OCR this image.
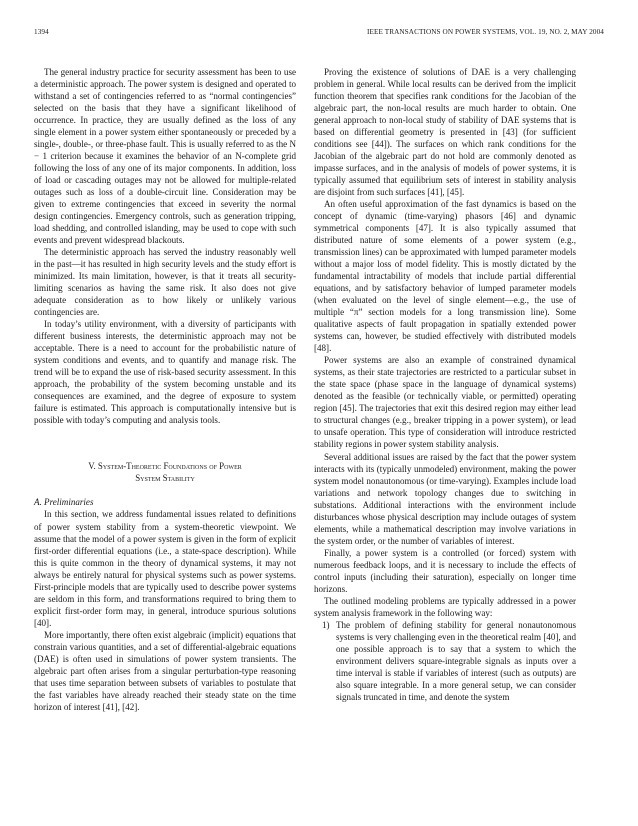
1394	IEEE TRANSACTIONS ON POWER SYSTEMS, VOL. 19, NO. 2, MAY 2004

The general industry practice for security assessment has been to use a deterministic approach. The power system is designed and operated to withstand a set of contingencies referred to as “normal contingencies” selected on the basis that they have a significant likelihood of occurrence. In practice, they are usually defined as the loss of any single element in a power system either spontaneously or preceded by a single-, double-, or three-phase fault. This is usually referred to as the N − 1 criterion because it examines the behavior of an N-complete grid following the loss of any one of its major components. In addition, loss of load or cascading outages may not be allowed for multiple-related outages such as loss of a double-circuit line. Consideration may be given to extreme contingencies that exceed in severity the normal design contingencies. Emergency controls, such as generation tripping, load shedding, and controlled islanding, may be used to cope with such events and prevent widespread blackouts.

The deterministic approach has served the industry reasonably well in the past—it has resulted in high security levels and the study effort is minimized. Its main limitation, however, is that it treats all security-limiting scenarios as having the same risk. It also does not give adequate consideration as to how likely or unlikely various contingencies are.

In today’s utility environment, with a diversity of participants with different business interests, the deterministic approach may not be acceptable. There is a need to account for the probabilistic nature of system conditions and events, and to quantify and manage risk. The trend will be to expand the use of risk-based security assessment. In this approach, the probability of the system becoming unstable and its consequences are examined, and the degree of exposure to system failure is estimated. This approach is computationally intensive but is possible with today’s computing and analysis tools.

V. System-Theoretic Foundations of Power
System Stability

A. Preliminaries

In this section, we address fundamental issues related to definitions of power system stability from a system-theoretic viewpoint. We assume that the model of a power system is given in the form of explicit first-order differential equations (i.e., a state-space description). While this is quite common in the theory of dynamical systems, it may not always be entirely natural for physical systems such as power systems. First-principle models that are typically used to describe power systems are seldom in this form, and transformations required to bring them to explicit first-order form may, in general, introduce spurious solutions [40].

More importantly, there often exist algebraic (implicit) equations that constrain various quantities, and a set of differential-algebraic equations (DAE) is often used in simulations of power system transients. The algebraic part often arises from a singular perturbation-type reasoning that uses time separation between subsets of variables to postulate that the fast variables have already reached their steady state on the time horizon of interest [41], [42].

Proving the existence of solutions of DAE is a very challenging problem in general. While local results can be derived from the implicit function theorem that specifies rank conditions for the Jacobian of the algebraic part, the non-local results are much harder to obtain. One general approach to non-local study of stability of DAE systems that is based on differential geometry is presented in [43] (for sufficient conditions see [44]). The surfaces on which rank conditions for the Jacobian of the algebraic part do not hold are commonly denoted as impasse surfaces, and in the analysis of models of power systems, it is typically assumed that equilibrium sets of interest in stability analysis are disjoint from such surfaces [41], [45].

An often useful approximation of the fast dynamics is based on the concept of dynamic (time-varying) phasors [46] and dynamic symmetrical components [47]. It is also typically assumed that distributed nature of some elements of a power system (e.g., transmission lines) can be approximated with lumped parameter models without a major loss of model fidelity. This is mostly dictated by the fundamental intractability of models that include partial differential equations, and by satisfactory behavior of lumped parameter models (when evaluated on the level of single element—e.g., the use of multiple “π” section models for a long transmission line). Some qualitative aspects of fault propagation in spatially extended power systems can, however, be studied effectively with distributed models [48].

Power systems are also an example of constrained dynamical systems, as their state trajectories are restricted to a particular subset in the state space (phase space in the language of dynamical systems) denoted as the feasible (or technically viable, or permitted) operating region [45]. The trajectories that exit this desired region may either lead to structural changes (e.g., breaker tripping in a power system), or lead to unsafe operation. This type of consideration will introduce restricted stability regions in power system stability analysis.

Several additional issues are raised by the fact that the power system interacts with its (typically unmodeled) environment, making the power system model nonautonomous (or time-varying). Examples include load variations and network topology changes due to switching in substations. Additional interactions with the environment include disturbances whose physical description may include outages of system elements, while a mathematical description may involve variations in the system order, or the number of variables of interest.

Finally, a power system is a controlled (or forced) system with numerous feedback loops, and it is necessary to include the effects of control inputs (including their saturation), especially on longer time horizons.

The outlined modeling problems are typically addressed in a power system analysis framework in the following way:

1) The problem of defining stability for general nonautonomous systems is very challenging even in the theoretical realm [40], and one possible approach is to say that a system to which the environment delivers square-integrable signals as inputs over a time interval is stable if variables of interest (such as outputs) are also square integrable. In a more general setup, we can consider signals truncated in time, and denote the system
